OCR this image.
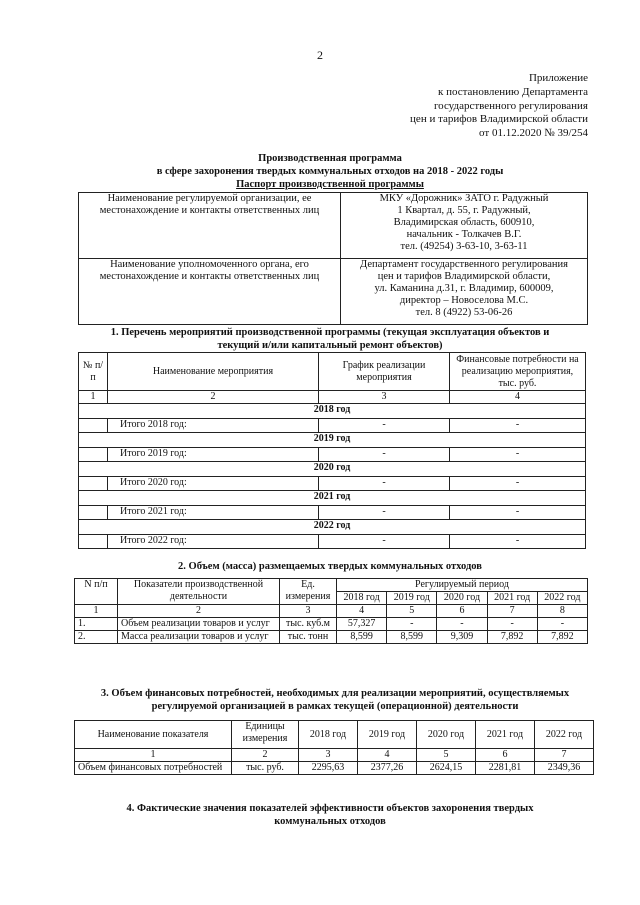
2
Приложение
к постановлению Департамента
государственного регулирования
цен и тарифов Владимирской области
от 01.12.2020 № 39/254
Производственная программа
в сфере захоронения твердых коммунальных отходов на 2018 - 2022 годы
Паспорт производственной программы
Наименование регулируемой организации, ее местонахождение и контакты ответственных лиц	МКУ «Дорожник» ЗАТО г. Радужный
1 Квартал, д. 55, г. Радужный,
Владимирская область, 600910,
начальник - Толкачев В.Г.
тел. (49254) 3-63-10, 3-63-11

Наименование уполномоченного органа, его местонахождение и контакты ответственных лиц	Департамент государственного регулирования
цен и тарифов Владимирской области,
ул. Каманина д.31, г. Владимир, 600009,
директор – Новоселова М.С.
тел. 8 (4922) 53-06-26
1. Перечень мероприятий производственной программы (текущая эксплуатация объектов и текущий и/или капитальный ремонт объектов)
№ п/п	Наименование мероприятия	График реализации мероприятия	Финансовые потребности на реализацию мероприятия, тыс. руб.
1	2	3	4
2018 год			
	Итого 2018 год:	-	-
2019 год			
	Итого 2019 год:	-	-
2020 год			
	Итого 2020 год:	-	-
2021 год			
	Итого 2021 год:	-	-
2022 год			
	Итого 2022 год:	-	-
2. Объем (масса) размещаемых твердых коммунальных отходов
N п/п	Показатели производственной деятельности	Ед. измерения	Регулируемый период				
			2018 год	2019 год	2020 год	2021 год	2022 год
1	2	3	4	5	6	7	8
1.	Объем реализации товаров и услуг	тыс. куб.м	57,327	-	-	-	-
2.	Масса реализации товаров и услуг	тыс. тонн	8,599	8,599	9,309	7,892	7,892
3. Объем финансовых потребностей, необходимых для реализации мероприятий, осуществляемых регулируемой организацией в рамках текущей (операционной) деятельности
Наименование показателя	Единицы измерения	2018 год	2019 год	2020 год	2021 год	2022 год
1	2	3	4	5	6	7
Объем финансовых потребностей	тыс. руб.	2295,63	2377,26	2624,15	2281,81	2349,36
4. Фактические значения показателей эффективности объектов захоронения твердых коммунальных отходов
